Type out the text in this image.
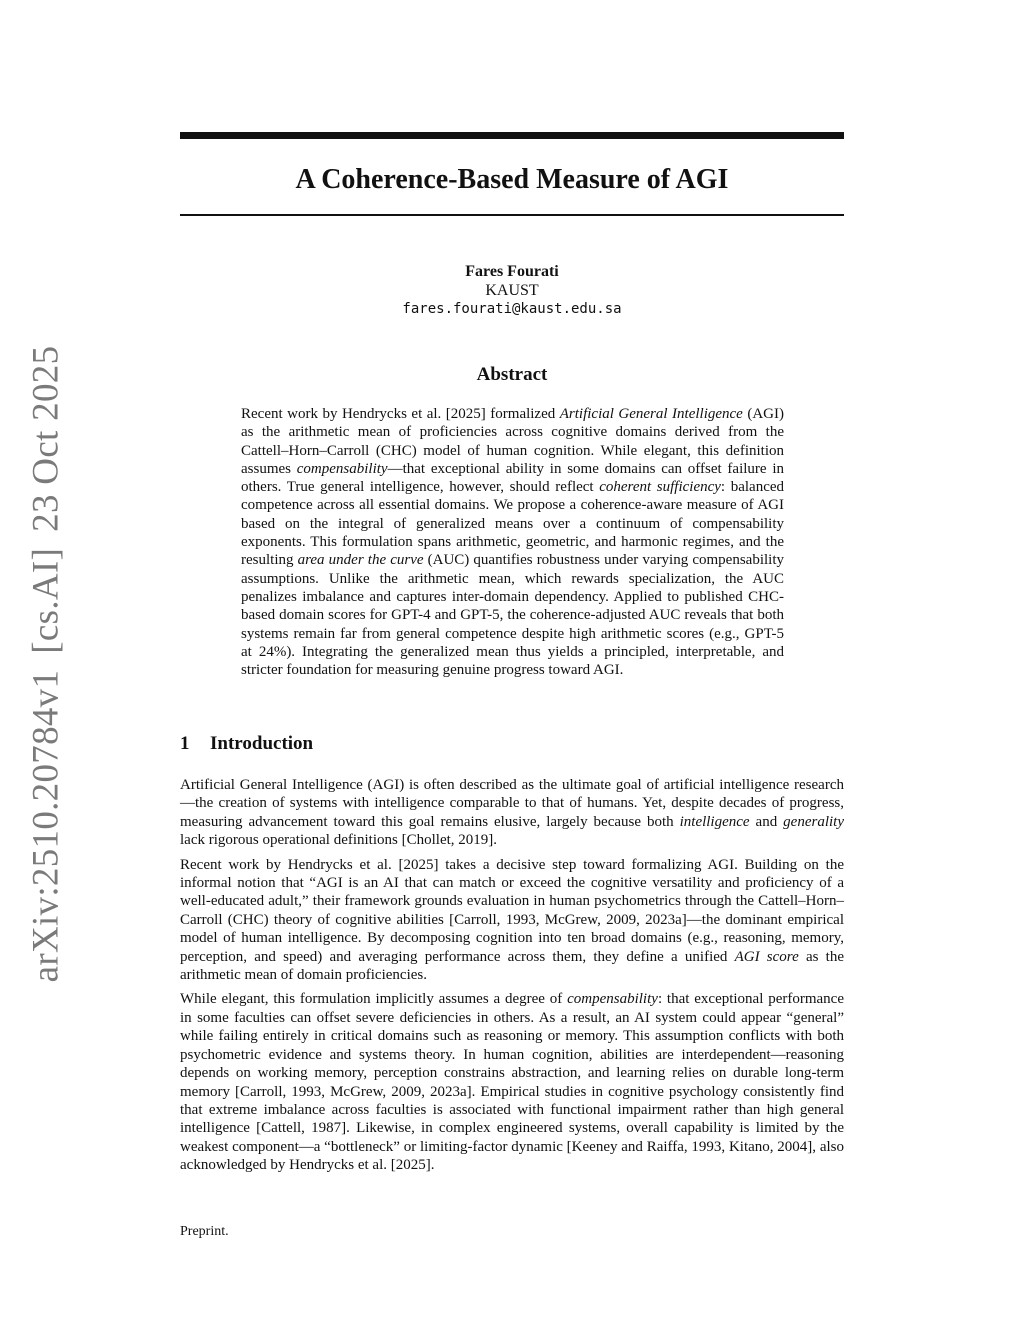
A Coherence-Based Measure of AGI
Fares Fourati
KAUST
fares.fourati@kaust.edu.sa
Abstract
Recent work by Hendrycks et al. [2025] formalized Artificial General Intelligence (AGI) as the arithmetic mean of proficiencies across cognitive domains derived from the Cattell–Horn–Carroll (CHC) model of human cognition. While elegant, this definition assumes compensability—that exceptional ability in some domains can offset failure in others. True general intelligence, however, should reflect coherent sufficiency: balanced competence across all essential domains. We propose a coherence-aware measure of AGI based on the integral of generalized means over a continuum of compensability exponents. This formulation spans arithmetic, geometric, and harmonic regimes, and the resulting area under the curve (AUC) quantifies robustness under varying compensability assumptions. Unlike the arithmetic mean, which rewards specialization, the AUC penalizes imbalance and captures inter-domain dependency. Applied to published CHC-based domain scores for GPT-4 and GPT-5, the coherence-adjusted AUC reveals that both systems remain far from general competence despite high arithmetic scores (e.g., GPT-5 at 24%). Integrating the generalized mean thus yields a principled, interpretable, and stricter foundation for measuring genuine progress toward AGI.
1 Introduction

Artificial General Intelligence (AGI) is often described as the ultimate goal of artificial intelligence research—the creation of systems with intelligence comparable to that of humans. Yet, despite decades of progress, measuring advancement toward this goal remains elusive, largely because both intelligence and generality lack rigorous operational definitions [Chollet, 2019].

Recent work by Hendrycks et al. [2025] takes a decisive step toward formalizing AGI. Building on the informal notion that “AGI is an AI that can match or exceed the cognitive versatility and proficiency of a well-educated adult,” their framework grounds evaluation in human psychometrics through the Cattell–Horn–Carroll (CHC) theory of cognitive abilities [Carroll, 1993, McGrew, 2009, 2023a]—the dominant empirical model of human intelligence. By decomposing cognition into ten broad domains (e.g., reasoning, memory, perception, and speed) and averaging performance across them, they define a unified AGI score as the arithmetic mean of domain proficiencies.

While elegant, this formulation implicitly assumes a degree of compensability: that exceptional performance in some faculties can offset severe deficiencies in others. As a result, an AI system could appear “general” while failing entirely in critical domains such as reasoning or memory. This assumption conflicts with both psychometric evidence and systems theory. In human cognition, abilities are interdependent—reasoning depends on working memory, perception constrains abstraction, and learning relies on durable long-term memory [Carroll, 1993, McGrew, 2009, 2023a]. Empirical studies in cognitive psychology consistently find that extreme imbalance across faculties is associated with functional impairment rather than high general intelligence [Cattell, 1987]. Likewise, in complex engineered systems, overall capability is limited by the weakest component—a “bottleneck” or limiting-factor dynamic [Keeney and Raiffa, 1993, Kitano, 2004], also acknowledged by Hendrycks et al. [2025].

Preprint.
arXiv:2510.20784v1[cs.AI]23 Oct 2025
